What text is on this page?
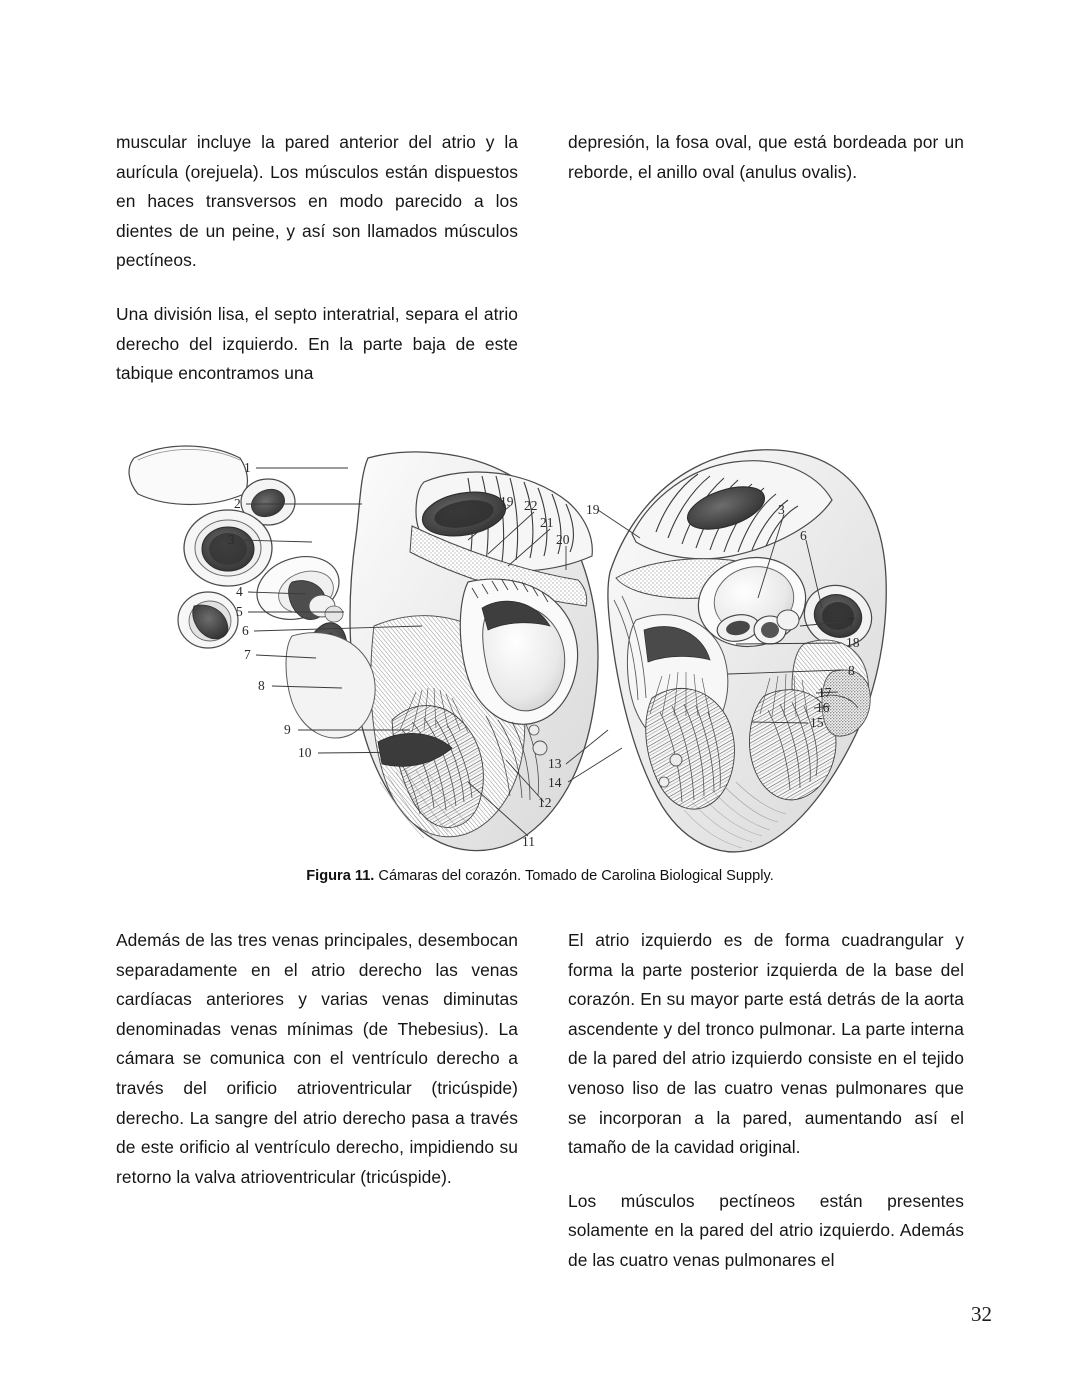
muscular incluye la pared anterior del atrio y la aurícula (orejuela). Los músculos están dispuestos en haces transversos en modo parecido a los dientes de un peine, y así son llamados músculos pectíneos.

Una división lisa, el septo interatrial, separa el atrio derecho del izquierdo. En la parte baja de este tabique encontramos una

depresión, la fosa oval, que está bordeada por un reborde, el anillo oval (anulus ovalis).

1
2
3
4
5
6
7
8
9
10
11
12
13
14
15
16
17
18
19
19
20
21
22	3
6
7
8
Figura 11. Cámaras del corazón. Tomado de Carolina Biological Supply.

Además de las tres venas principales, desembocan separadamente en el atrio derecho las venas cardíacas anteriores y varias venas diminutas denominadas venas mínimas (de Thebesius). La cámara se comunica con el ventrículo derecho a través del orificio atrioventricular (tricúspide) derecho. La sangre del atrio derecho pasa a través de este orificio al ventrículo derecho, impidiendo su retorno la valva atrioventricular (tricúspide).

El atrio izquierdo es de forma cuadrangular y forma la parte posterior izquierda de la base del corazón. En su mayor parte está detrás de la aorta ascendente y del tronco pulmonar. La parte interna de la pared del atrio izquierdo consiste en el tejido venoso liso de las cuatro venas pulmonares que se incorporan a la pared, aumentando así el tamaño de la cavidad original.

Los músculos pectíneos están presentes solamente en la pared del atrio izquierdo. Además de las cuatro venas pulmonares el

32
